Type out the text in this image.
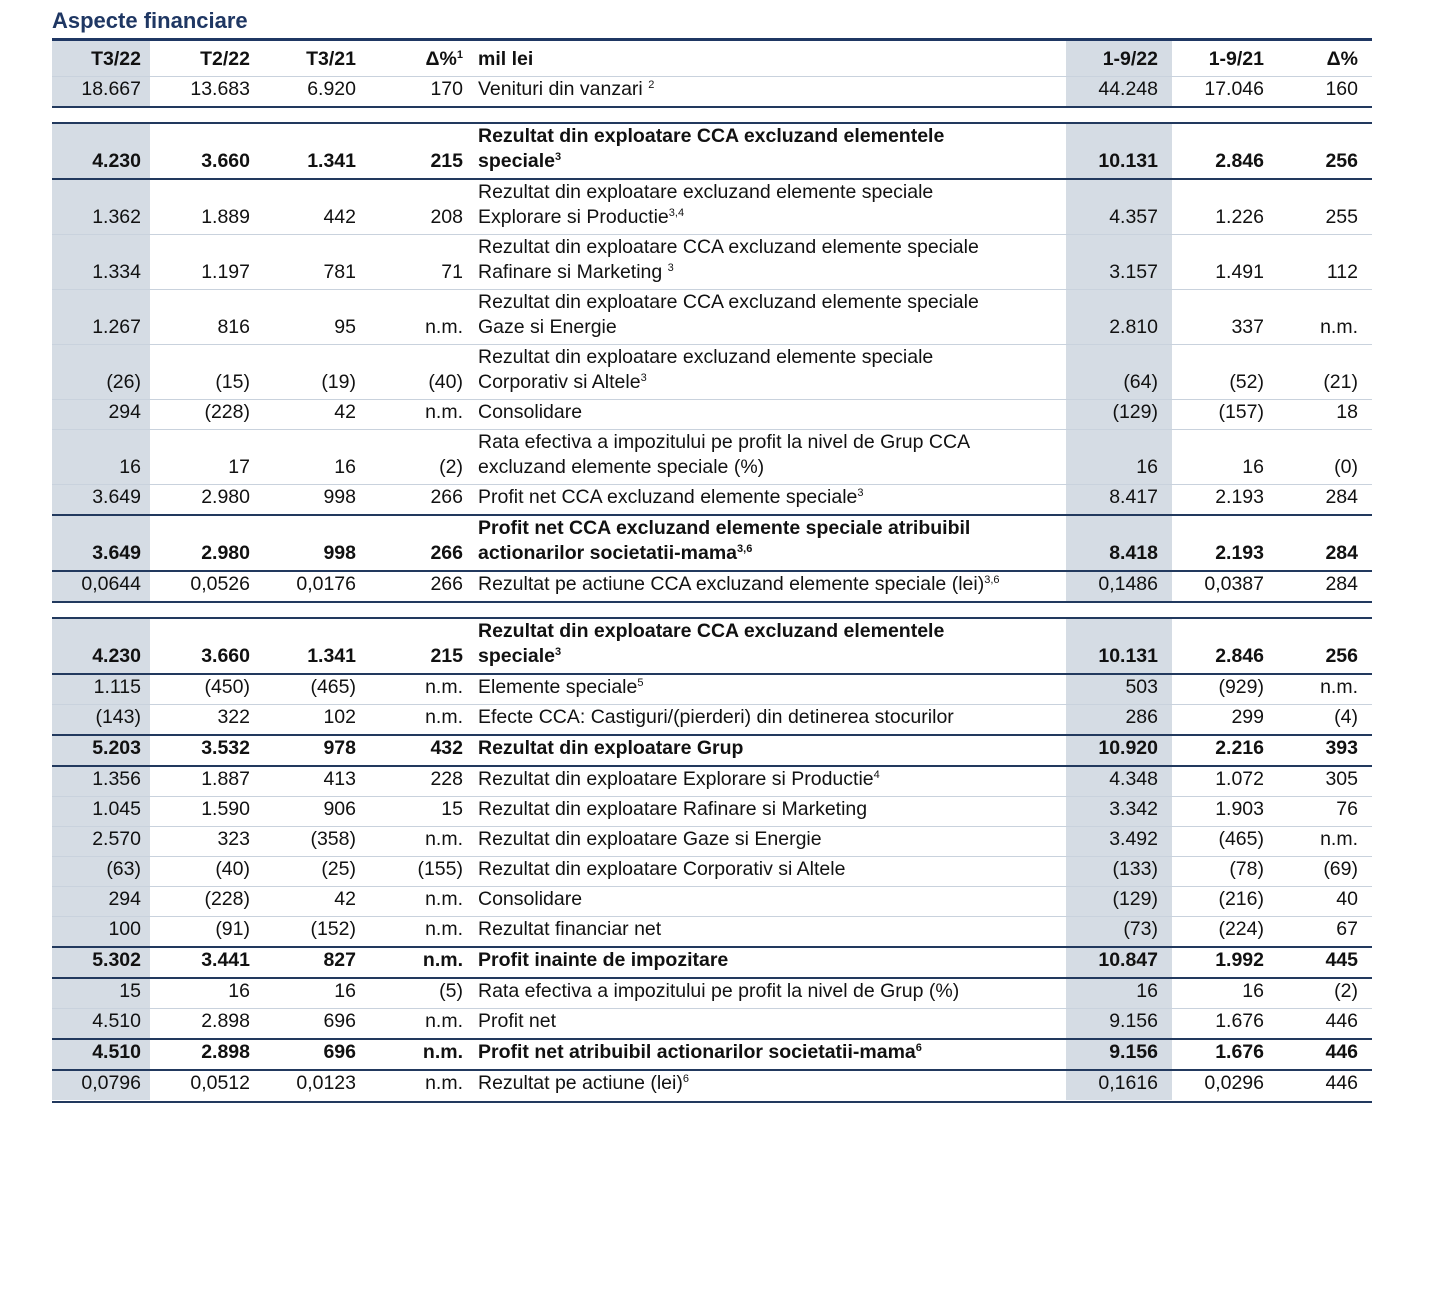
Aspecte financiare
T3/22	T2/22	T3/21	Δ%$^1$	mil lei	1-9/22	1-9/21	Δ%
18.667	13.683	6.920	170	Venituri din vanzari $^2$	44.248	17.046	160

4.230	3.660	1.341	215	Rezultat din exploatare CCA excluzand elementele
speciale$^3$	10.131	2.846	256
1.362	1.889	442	208	Rezultat din exploatare excluzand elemente speciale
Explorare si Productie$^{3,4}$	4.357	1.226	255
1.334	1.197	781	71	Rezultat din exploatare CCA excluzand elemente speciale
Rafinare si Marketing $^3$	3.157	1.491	112
1.267	816	95	n.m.	Rezultat din exploatare CCA excluzand elemente speciale
Gaze si Energie	2.810	337	n.m.
(26)	(15)	(19)	(40)	Rezultat din exploatare excluzand elemente speciale
Corporativ si Altele$^3$	(64)	(52)	(21)
294	(228)	42	n.m.	Consolidare	(129)	(157)	18
16	17	16	(2)	Rata efectiva a impozitului pe profit la nivel de Grup CCA
excluzand elemente speciale (%)	16	16	(0)
3.649	2.980	998	266	Profit net CCA excluzand elemente speciale$^3$	8.417	2.193	284
3.649	2.980	998	266	Profit net CCA excluzand elemente speciale atribuibil
actionarilor societatii-mama$^{3,6}$	8.418	2.193	284
0,0644	0,0526	0,0176	266	Rezultat pe actiune CCA excluzand elemente speciale (lei)$^{3,6}$	0,1486	0,0387	284

4.230	3.660	1.341	215	Rezultat din exploatare CCA excluzand elementele
speciale$^3$	10.131	2.846	256
1.115	(450)	(465)	n.m.	Elemente speciale$^5$	503	(929)	n.m.
(143)	322	102	n.m.	Efecte CCA: Castiguri/(pierderi) din detinerea stocurilor	286	299	(4)
5.203	3.532	978	432	Rezultat din exploatare Grup	10.920	2.216	393
1.356	1.887	413	228	Rezultat din exploatare Explorare si Productie$^4$	4.348	1.072	305
1.045	1.590	906	15	Rezultat din exploatare Rafinare si Marketing	3.342	1.903	76
2.570	323	(358)	n.m.	Rezultat din exploatare Gaze si Energie	3.492	(465)	n.m.
(63)	(40)	(25)	(155)	Rezultat din exploatare Corporativ si Altele	(133)	(78)	(69)
294	(228)	42	n.m.	Consolidare	(129)	(216)	40
100	(91)	(152)	n.m.	Rezultat financiar net	(73)	(224)	67
5.302	3.441	827	n.m.	Profit inainte de impozitare	10.847	1.992	445
15	16	16	(5)	Rata efectiva a impozitului pe profit la nivel de Grup (%)	16	16	(2)
4.510	2.898	696	n.m.	Profit net	9.156	1.676	446
4.510	2.898	696	n.m.	Profit net atribuibil actionarilor societatii-mama$^6$	9.156	1.676	446
0,0796	0,0512	0,0123	n.m.	Rezultat pe actiune (lei)$^6$	0,1616	0,0296	446
